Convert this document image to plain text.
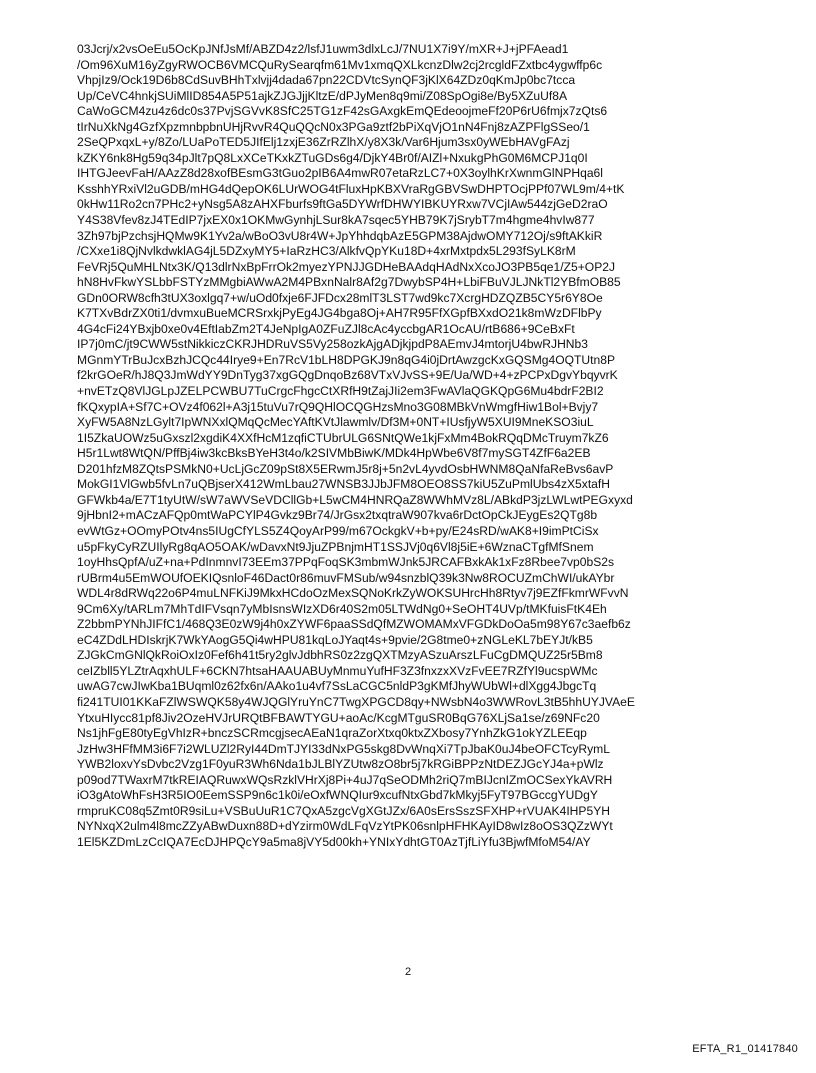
03Jcrj/x2vsOeEu5OcKpJNfJsMf/ABZD4z2/lsfJ1uwm3dlxLcJ/7NU1X7i9Y/mXR+J+jPFAead1
/Om96XuM16yZgyRWOCB6VMCQuRySearqfm61Mv1xmqQXLkcnzDlw2cj2rcgldFZxtbc4ygwffp6c
VhpjIz9/Ock19D6b8CdSuvBHhTxlvjj4dada67pn22CDVtcSynQF3jKlX64ZDz0qKmJp0bc7tcca
Up/CeVC4hnkjSUiMlID854A5P51ajkZJGJjjKltzE/dPJyMen8q9mi/Z08SpOgi8e/By5XZuUf8A
CaWoGCM4zu4z6dc0s37PvjSGVvK8SfC25TG1zF42sGAxgkEmQEdeoojmeFf20P6rU6fmjx7zQts6
tIrNuXkNg4GzfXpzmnbpbnUHjRvvR4QuQQcN0x3PGa9ztf2bPiXqVjO1nN4Fnj8zAZPFlgSSeo/1
2SeQPxqxL+y/8Zo/LUaPoTED5JIfElj1zxjE36ZrRZlhX/y8X3k/Var6Hjum3sx0yWEbHAVgFAzj
kZKY6nk8Hg59q34pJlt7pQ8LxXCeTKxkZTuGDs6g4/DjkY4Br0f/AIZl+NxukgPhG0M6MCPJ1q0I
IHTGJeevFaH/AAzZ8d28xofBEsmG3tGuo2pIB6A4mwR07etaRzLC7+0X3oylhKrXwnmGlNPHqa6l
KsshhYRxiVl2uGDB/mHG4dQepOK6LUrWOG4tFluxHpKBXVraRgGBVSwDHPTOcjPPf07WL9m/4+tK
0kHw11Ro2cn7PHc2+yNsg5A8zAHXFburfs9ftGa5DYWrfDHWYIBKUYRxw7VCjIAw544zjGeD2raO
Y4S38Vfev8zJ4TEdIP7jxEX0x1OKMwGynhjLSur8kA7sqec5YHB79K7jSrybT7m4hgme4hvIw877
3Zh97bjPzchsjHQMw9K1Yv2a/wBoO3vU8r4W+JpYhhdqbAzE5GPM38AjdwOMY712Oj/s9ftAKkiR
/CXxe1i8QjNvlkdwklAG4jL5DZxyMY5+IaRzHC3/AlkfvQpYKu18D+4xrMxtpdx5L293fSyLK8rM
FeVRj5QuMHLNtx3K/Q13dlrNxBpFrrOk2myezYPNJJGDHeBAAdqHAdNxXcoJO3PB5qe1/Z5+OP2J
hN8HvFkwYSLbbFSTYzMMgbiAWwA2M4PBxnNalr8Af2g7DwybSP4H+LbiFBuVJLJNkTl2YBfmOB85
GDn0ORW8cfh3tUX3oxlgq7+w/uOd0fxje6FJFDcx28mlT3LST7wd9kc7XcrgHDZQZB5CY5r6Y8Oe
K7TXvBdrZX0ti1/dvmxuBueMCRSrxkjPyEg4JG4bga8Oj+AH7R95FfXGpfBXxdO21k8mWzDFlbPy
4G4cFi24YBxjb0xe0v4EftIabZm2T4JeNpIgA0ZFuZJl8cAc4yccbgAR1OcAU/rtB686+9CeBxFt
IP7j0mC/jt9CWW5stNikkiczCKRJHDRuVS5Vy258ozkAjgADjkjpdP8AEmvJ4mtorjU4bwRJHNb3
MGnmYTrBuJcxBzhJCQc44Irye9+En7RcV1bLH8DPGKJ9n8qG4i0jDrtAwzgcKxGQSMg4OQTUtn8P
f2krGOeR/hJ8Q3JmWdYY9DnTyg37xgGQgDnqoBz68VTxVJvSS+9E/Ua/WD+4+zPCPxDgvYbqyvrK
+nvETzQ8VlJGLpJZELPCWBU7TuCrgcFhgcCtXRfH9tZajJIi2em3FwAVlaQGKQpG6Mu4bdrF2BI2
fKQxypIA+Sf7C+OVz4f062l+A3j15tuVu7rQ9QHlOCQGHzsMno3G08MBkVnWmgfHiw1Bol+Bvjy7
XyFW5A8NzLGylt7IpWNXxlQMqQcMecYAftKVtJlawmlv/Df3M+0NT+IUsfjyW5XUI9MneKSO3iuL
1I5ZkaUOWz5uGxszl2xgdiK4XXfHcM1zqfiCTUbrULG6SNtQWe1kjFxMm4BokRQqDMcTruym7kZ6
H5r1Lwt8WtQN/PffBj4iw3kcBksBYeH3t4o/k2SIVMbBiwK/MDk4HpWbe6V8f7mySGT4ZfF6a2EB
D201hfzM8ZQtsPSMkN0+UcLjGcZ09pSt8X5ERwmJ5r8j+5n2vL4yvdOsbHWNM8QaNfaReBvs6avP
MokGI1VlGwb5fvLn7uQBjserX412WmLbau27WNSB3JJbJFM8OEO8SS7kiU5ZuPmlUbs4zX5xtafH
GFWkb4a/E7T1tyUtW/sW7aWVSeVDCllGb+L5wCM4HNRQaZ8WWhMVz8L/ABkdP3jzLWLwtPEGxyxd
9jHbnI2+mACzAFQp0mtWaPCYlP4Gvkz9Br74/JrGsx2txqtraW907kva6rDctOpCkJEygEs2QTg8b
evWtGz+OOmyPOtv4ns5IUgCfYLS5Z4QoyArP99/m67OckgkV+b+py/E24sRD/wAK8+I9imPtCiSx
u5pFkyCyRZUIlyRg8qAO5OAK/wDavxNt9JjuZPBnjmHT1SSJVj0q6Vl8j5iE+6WznaCTgfMfSnem
1oyHhsQpfA/uZ+na+PdInmnvI73EEm37PPqFoqSK3mbmWJnk5JRCAFBxkAk1xFz8Rbee7vp0bS2s
rUBrm4u5EmWOUfOEKIQsnloF46Dact0r86muvFMSub/w94snzblQ39k3Nw8ROCUZmChWI/ukAYbr
WDL4r8dRWq22o6P4muLNFKiJ9MkxHCdoOzMexSQNoKrkZyWOKSUHrcHh8Rtyv7j9EZfFkmrWFvvN
9Cm6Xy/tARLm7MhTdIFVsqn7yMbIsnsWIzXD6r40S2m05LTWdNg0+SeOHT4UVp/tMKfuisFtK4Eh
Z2bbmPYNhJIFfC1/468Q3E0zW9j4h0xZYWF6paaSSdQfMZWOMAMxVFGDkDoOa5m98Y67c3aefb6z
eC4ZDdLHDIskrjK7WkYAogG5Qi4wHPU81kqLoJYaqt4s+9pvie/2G8tme0+zNGLeKL7bEYJt/kB5
ZJGkCmGNlQkRoiOxIz0Fef6h41t5ry2glvJdbhRS0z2zgQXTMzyASzuArszLFuCgDMQUZ25r5Bm8
ceIZbll5YLZtrAqxhULF+6CKN7htsaHAAUABUyMnmuYufHF3Z3fnxzxXVzFvEE7RZfYl9ucspWMc
uwAG7cwJIwKba1BUqml0z62fx6n/AAko1u4vf7SsLaCGC5nldP3gKMfJhyWUbWl+dlXgg4JbgcTq
fi241TUI01KKaFZlWSWQK58y4WJQGlYruYnC7TwgXPGCD8qy+NWsbN4o3WWRovL3tB5hhUYJVAeE
YtxuHIycc81pf8Jiv2OzeHVJrURQtBFBAWTYGU+aoAc/KcgMTguSR0BqG76XLjSa1se/z69NFc20
Ns1jhFgE80tyEgVhIzR+bnczSCRmcgjsecAEaN1qraZorXtxq0ktxZXbosy7YnhZkG1okYZLEEqp
JzHw3HFfMM3i6F7i2WLUZl2RyI44DmTJYI33dNxPG5skg8DvWnqXi7TpJbaK0uJ4beOFCTcyRymL
YWB2loxvYsDvbc2Vzg1F0yuR3Wh6Nda1bJLBlYZUtw8zO8br5j7kRGiBPPzNtDEZJGcYJ4a+pWlz
p09od7TWaxrM7tkREIAQRuwxWQsRzklVHrXj8Pi+4uJ7qSeODMh2riQ7mBIJcnIZmOCSexYkAVRH
iO3gAtoWhFsH3R5IO0EemSSP9n6c1k0i/eOxfWNQIur9xcufNtxGbd7kMkyj5FyT97BGccgYUDgY
rmpruKC08q5Zmt0R9siLu+VSBuUuR1C7QxA5zgcVgXGtJZx/6A0sErsSszSFXHP+rVUAK4IHP5YH
NYNxqX2ulm4l8mcZZyABwDuxn88D+dYzirm0WdLFqVzYtPK06snlpHFHKAyID8wIz8oOS3QZzWYt
1El5KZDmLzCcIQA7EcDJHPQcY9a5ma8jVY5d00kh+YNIxYdhtGT0AzTjfLiYfu3BjwfMfoM54/AY
2
EFTA_R1_01417840
